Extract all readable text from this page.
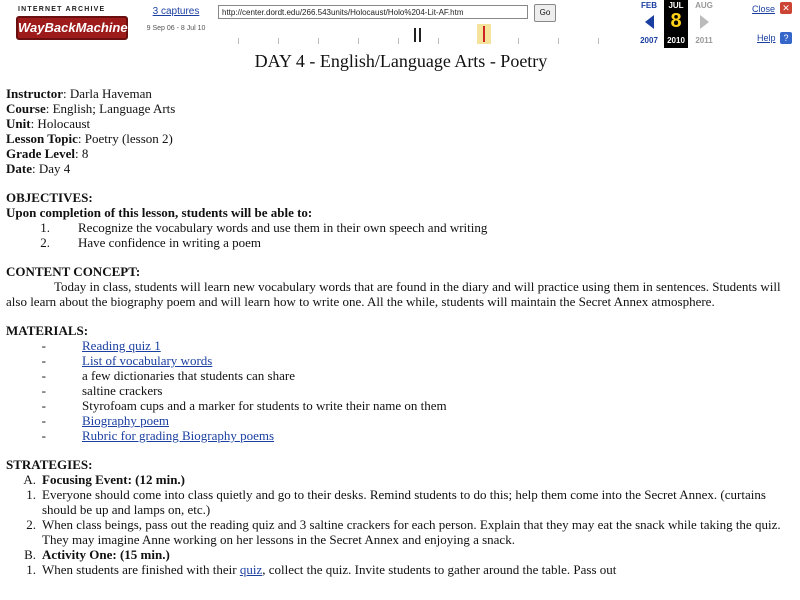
INTERNET ARCHIVE
WayBackMachine
3 captures
9 Sep 06 - 8 Jul 10
http://center.dordt.edu/266.543units/Holocaust/Holo%204-Lit-AF.htm	Go
FEB
2007
JUL
8
2010
AUG
2011
Close ✕
Help ?
DAY 4 - English/Language Arts - Poetry
Instructor: Darla Haveman
Course: English; Language Arts
Unit: Holocaust
Lesson Topic: Poetry (lesson 2)
Grade Level: 8
Date: Day 4
OBJECTIVES:
Upon completion of this lesson, students will be able to:
1.	Recognize the vocabulary words and use them in their own speech and writing
2.	Have confidence in writing a poem
CONTENT CONCEPT:
Today in class, students will learn new vocabulary words that are found in the diary and will practice using them in sentences. Students will also learn about the biography poem and will learn how to write one. All the while, students will maintain the Secret Annex atmosphere.
MATERIALS:
-	Reading quiz 1
-	List of vocabulary words
-	a few dictionaries that students can share
-	saltine crackers
-	Styrofoam cups and a marker for students to write their name on them
-	Biography poem
-	Rubric for grading Biography poems
STRATEGIES:
A. Focusing Event: (12 min.)
1. Everyone should come into class quietly and go to their desks. Remind students to do this; help them come into the Secret Annex. (curtains should be up and lamps on, etc.)
2. When class beings, pass out the reading quiz and 3 saltine crackers for each person. Explain that they may eat the snack while taking the quiz. They may imagine Anne working on her lessons in the Secret Annex and enjoying a snack.
B. Activity One: (15 min.)
1. When students are finished with their quiz, collect the quiz. Invite students to gather around the table. Pass out
